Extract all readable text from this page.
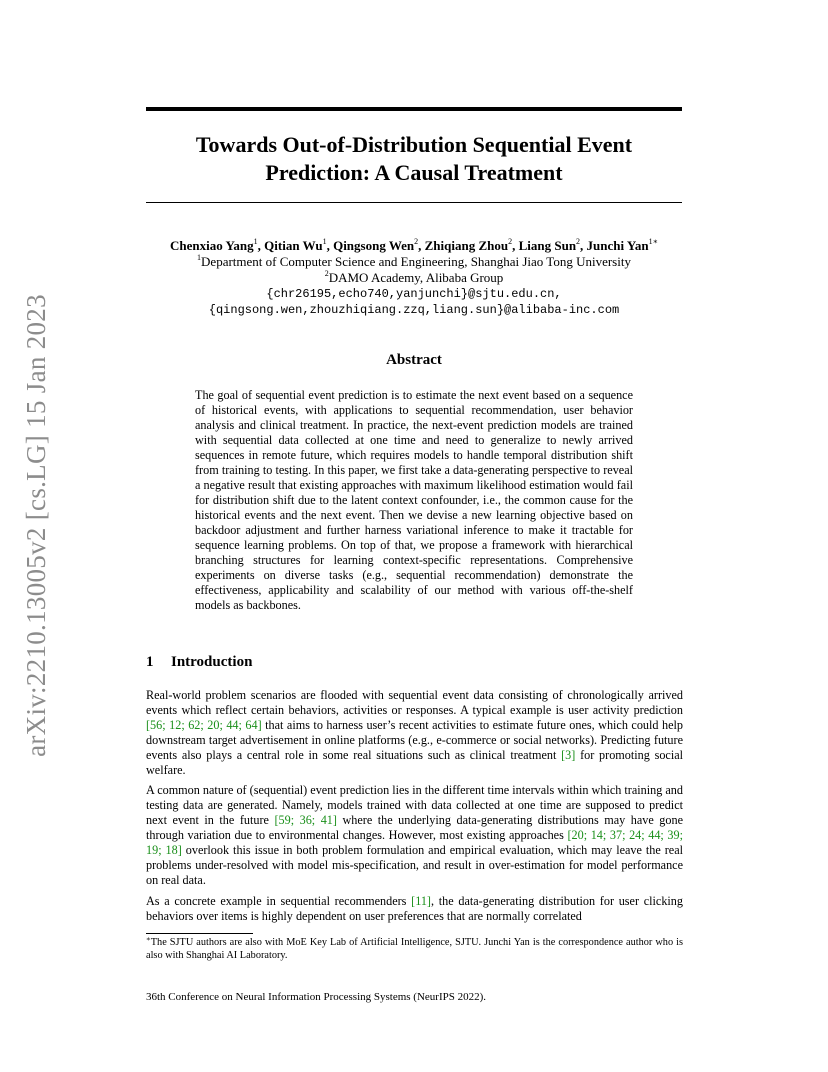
arXiv:2210.13005v2 [cs.LG] 15 Jan 2023
Towards Out-of-Distribution Sequential Event
Prediction: A Causal Treatment
Chenxiao Yang$^1$, Qitian Wu$^1$, Qingsong Wen$^2$, Zhiqiang Zhou$^2$, Liang Sun$^2$, Junchi Yan$^{1∗}$
$^1$Department of Computer Science and Engineering, Shanghai Jiao Tong University
$^2$DAMO Academy, Alibaba Group
{chr26195,echo740,yanjunchi}@sjtu.edu.cn,
{qingsong.wen,zhouzhiqiang.zzq,liang.sun}@alibaba-inc.com
Abstract
The goal of sequential event prediction is to estimate the next event based on a sequence of historical events, with applications to sequential recommendation, user behavior analysis and clinical treatment. In practice, the next-event prediction models are trained with sequential data collected at one time and need to generalize to newly arrived sequences in remote future, which requires models to handle temporal distribution shift from training to testing. In this paper, we first take a data-generating perspective to reveal a negative result that existing approaches with maximum likelihood estimation would fail for distribution shift due to the latent context confounder, i.e., the common cause for the historical events and the next event. Then we devise a new learning objective based on backdoor adjustment and further harness variational inference to make it tractable for sequence learning problems. On top of that, we propose a framework with hierarchical branching structures for learning context-specific representations. Comprehensive experiments on diverse tasks (e.g., sequential recommendation) demonstrate the effectiveness, applicability and scalability of our method with various off-the-shelf models as backbones.
1 Introduction
Real-world problem scenarios are flooded with sequential event data consisting of chronologically arrived events which reflect certain behaviors, activities or responses. A typical example is user activity prediction [56; 12; 62; 20; 44; 64] that aims to harness user’s recent activities to estimate future ones, which could help downstream target advertisement in online platforms (e.g., e-commerce or social networks). Predicting future events also plays a central role in some real situations such as clinical treatment [3] for promoting social welfare.
A common nature of (sequential) event prediction lies in the different time intervals within which training and testing data are generated. Namely, models trained with data collected at one time are supposed to predict next event in the future [59; 36; 41] where the underlying data-generating distributions may have gone through variation due to environmental changes. However, most existing approaches [20; 14; 37; 24; 44; 39; 19; 18] overlook this issue in both problem formulation and empirical evaluation, which may leave the real problems under-resolved with model mis-specification, and result in over-estimation for model performance on real data.
As a concrete example in sequential recommenders [11], the data-generating distribution for user clicking behaviors over items is highly dependent on user preferences that are normally correlated
∗The SJTU authors are also with MoE Key Lab of Artificial Intelligence, SJTU. Junchi Yan is the correspondence author who is also with Shanghai AI Laboratory.
36th Conference on Neural Information Processing Systems (NeurIPS 2022).
